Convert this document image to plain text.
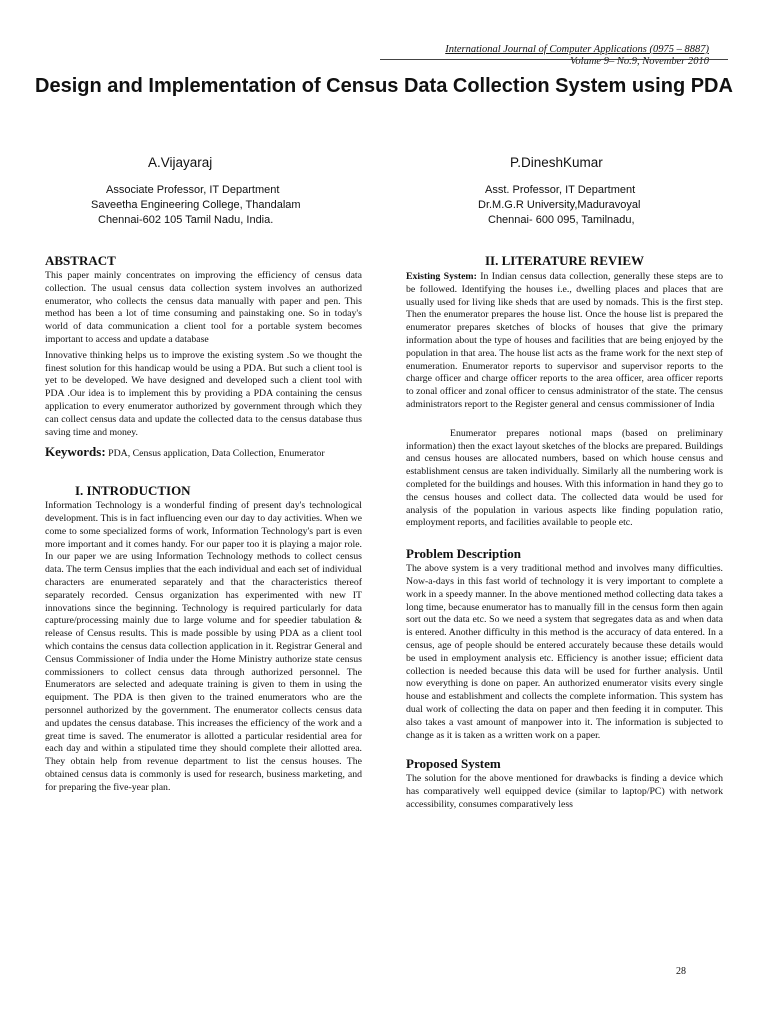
International Journal of Computer Applications (0975 – 8887)
Volume 9– No.9, November 2010
Design and Implementation of Census Data Collection System using PDA
A.Vijayaraj
Associate Professor, IT Department
Saveetha Engineering College, Thandalam
Chennai-602 105 Tamil Nadu, India.
P.DineshKumar
Asst. Professor, IT Department
Dr.M.G.R University,Maduravoyal
Chennai- 600 095, Tamilnadu,
ABSTRACT

This paper mainly concentrates on improving the efficiency of census data collection. The usual census data collection system involves an authorized enumerator, who collects the census data manually with paper and pen. This method has been a lot of time consuming and painstaking one. So in today's world of data communication a client tool for a portable system becomes important to access and update a database

Innovative thinking helps us to improve the existing system .So we thought the finest solution for this handicap would be using a PDA. But such a client tool is yet to be developed. We have designed and developed such a client tool with PDA .Our idea is to implement this by providing a PDA containing the census application to every enumerator authorized by government through which they can collect census data and update the collected data to the census database thus saving time and money.

Keywords: PDA, Census application, Data Collection, Enumerator

I. INTRODUCTION

Information Technology is a wonderful finding of present day's technological development. This is in fact influencing even our day to day activities. When we come to some specialized forms of work, Information Technology's part is even more important and it comes handy. For our paper too it is playing a major role. In our paper we are using Information Technology methods to collect census data. The term Census implies that the each individual and each set of individual characters are enumerated separately and that the characteristics thereof separately recorded. Census organization has experimented with new IT innovations since the beginning. Technology is required particularly for data capture/processing mainly due to large volume and for speedier tabulation & release of Census results. This is made possible by using PDA as a client tool which contains the census data collection application in it. Registrar General and Census Commissioner of India under the Home Ministry authorize state census commissioners to collect census data through authorized personnel. The Enumerators are selected and adequate training is given to them in using the equipment. The PDA is then given to the trained enumerators who are the personnel authorized by the government. The enumerator collects census data and updates the census database. This increases the efficiency of the work and a great time is saved. The enumerator is allotted a particular residential area for each day and within a stipulated time they should complete their allotted area. They obtain help from revenue department to list the census houses. The obtained census data is commonly is used for research, business marketing, and for preparing the five-year plan.

II. LITERATURE REVIEW

Existing System: In Indian census data collection, generally these steps are to be followed. Identifying the houses i.e., dwelling places and places that are usually used for living like sheds that are used by nomads. This is the first step. Then the enumerator prepares the house list. Once the house list is prepared the enumerator prepares sketches of blocks of houses that give the primary information about the type of houses and facilities that are being enjoyed by the population in that area. The house list acts as the frame work for the next step of enumeration. Enumerator reports to supervisor and supervisor reports to the charge officer and charge officer reports to the area officer, area officer reports to zonal officer and zonal officer to census administrator of the state. The census administrators report to the Register general and census commissioner of India

Enumerator prepares notional maps (based on preliminary information) then the exact layout sketches of the blocks are prepared. Buildings and census houses are allocated numbers, based on which house census and establishment census are taken individually. Similarly all the numbering work is completed for the buildings and houses. With this information in hand they go to the census houses and collect data. The collected data would be used for analysis of the population in various aspects like finding population ratio, employment reports, and facilities available to people etc.

Problem Description

The above system is a very traditional method and involves many difficulties. Now-a-days in this fast world of technology it is very important to complete a work in a speedy manner. In the above mentioned method collecting data takes a long time, because enumerator has to manually fill in the census form then again sort out the data etc. So we need a system that segregates data as and when data is entered. Another difficulty in this method is the accuracy of data entered. In a census, age of people should be entered accurately because these details would be used in employment analysis etc. Efficiency is another issue; efficient data collection is needed because this data will be used for further analysis. Until now everything is done on paper. An authorized enumerator visits every single house and establishment and collects the complete information. This system has dual work of collecting the data on paper and then feeding it in computer. This also takes a vast amount of manpower into it. The information is subjected to change as it is taken as a written work on a paper.

Proposed System

The solution for the above mentioned for drawbacks is finding a device which has comparatively well equipped device (similar to laptop/PC) with network accessibility, consumes comparatively less

28
